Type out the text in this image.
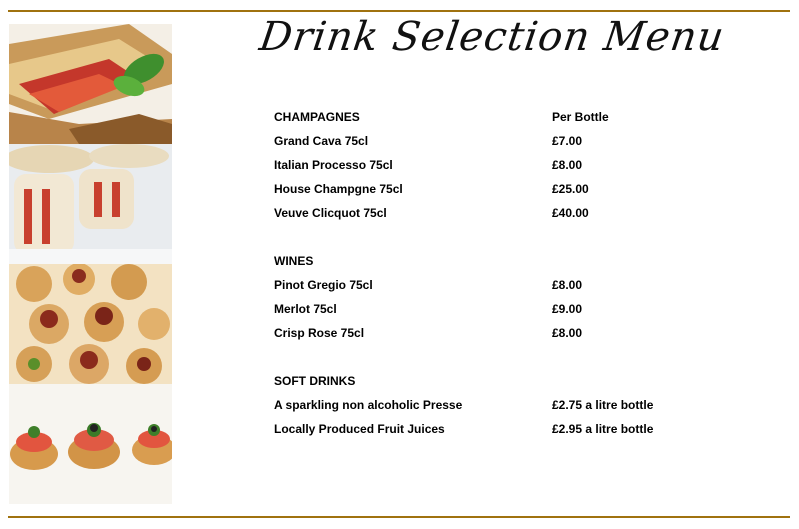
Drink Selection Menu
CHAMPAGNES	Per Bottle
Grand Cava 75cl	£7.00
Italian Processo 75cl	£8.00
House Champgne 75cl	£25.00
Veuve Clicquot 75cl	£40.00
WINES
Pinot Gregio 75cl	£8.00
Merlot 75cl	£9.00
Crisp Rose 75cl	£8.00
SOFT DRINKS
A sparkling non alcoholic Presse	£2.75 a litre bottle
Locally Produced Fruit Juices	£2.95 a litre bottle
